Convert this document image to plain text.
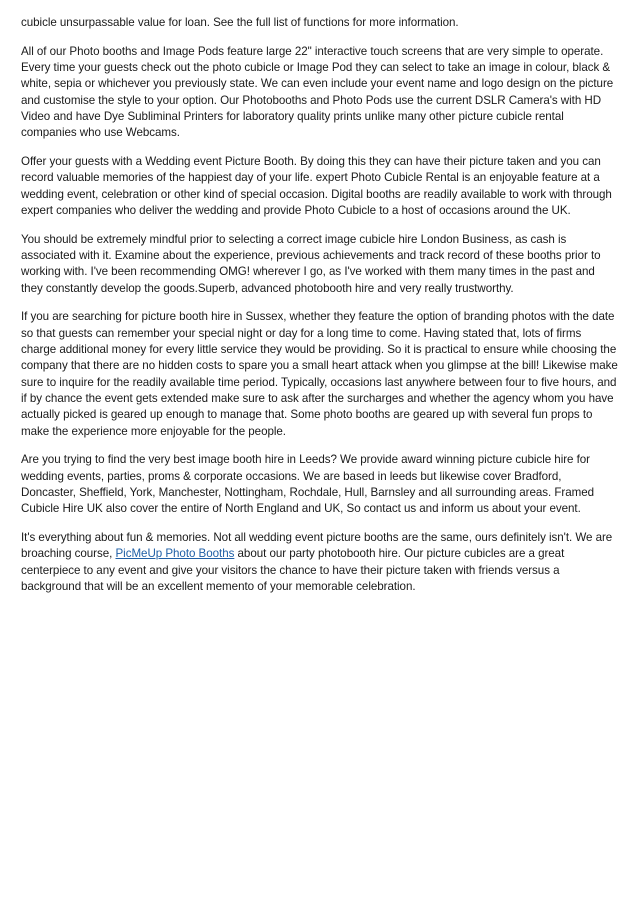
cubicle unsurpassable value for loan. See the full list of functions for more information.

All of our Photo booths and Image Pods feature large 22" interactive touch screens that are very simple to operate. Every time your guests check out the photo cubicle or Image Pod they can select to take an image in colour, black & white, sepia or whichever you previously state. We can even include your event name and logo design on the picture and customise the style to your option. Our Photobooths and Photo Pods use the current DSLR Camera's with HD Video and have Dye Subliminal Printers for laboratory quality prints unlike many other picture cubicle rental companies who use Webcams.

Offer your guests with a Wedding event Picture Booth. By doing this they can have their picture taken and you can record valuable memories of the happiest day of your life. expert Photo Cubicle Rental is an enjoyable feature at a wedding event, celebration or other kind of special occasion. Digital booths are readily available to work with through expert companies who deliver the wedding and provide Photo Cubicle to a host of occasions around the UK.

You should be extremely mindful prior to selecting a correct image cubicle hire London Business, as cash is associated with it. Examine about the experience, previous achievements and track record of these booths prior to working with. I've been recommending OMG! wherever I go, as I've worked with them many times in the past and they constantly develop the goods.Superb, advanced photobooth hire and very really trustworthy.

If you are searching for picture booth hire in Sussex, whether they feature the option of branding photos with the date so that guests can remember your special night or day for a long time to come. Having stated that, lots of firms charge additional money for every little service they would be providing. So it is practical to ensure while choosing the company that there are no hidden costs to spare you a small heart attack when you glimpse at the bill! Likewise make sure to inquire for the readily available time period. Typically, occasions last anywhere between four to five hours, and if by chance the event gets extended make sure to ask after the surcharges and whether the agency whom you have actually picked is geared up enough to manage that. Some photo booths are geared up with several fun props to make the experience more enjoyable for the people.

Are you trying to find the very best image booth hire in Leeds? We provide award winning picture cubicle hire for wedding events, parties, proms & corporate occasions. We are based in leeds but likewise cover Bradford, Doncaster, Sheffield, York, Manchester, Nottingham, Rochdale, Hull, Barnsley and all surrounding areas. Framed Cubicle Hire UK also cover the entire of North England and UK, So contact us and inform us about your event.

It's everything about fun & memories. Not all wedding event picture booths are the same, ours definitely isn't. We are broaching course, PicMeUp Photo Booths about our party photobooth hire. Our picture cubicles are a great centerpiece to any event and give your visitors the chance to have their picture taken with friends versus a background that will be an excellent memento of your memorable celebration.
